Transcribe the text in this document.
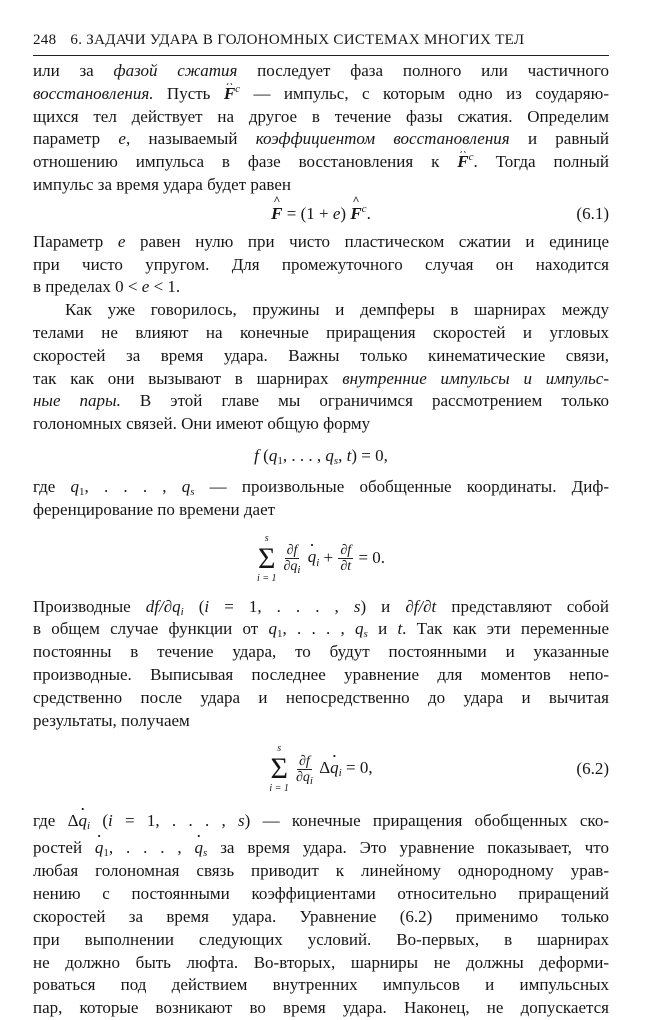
248 6. ЗАДАЧИ УДАРА В ГОЛОНОМНЫХ СИСТЕМАХ МНОГИХ ТЕЛ
или за фазой сжатия последует фаза полного или частичного
восстановления. Пусть ^ $F^c$ — импульс, с которым одно из соударяю-
щихся тел действует на другое в течение фазы сжатия. Определим
параметр e, называемый коэффициентом восстановления и равный
отношению импульса в фазе восстановления к ^ $F^c$. Тогда полный
импульс за время удара будет равен
^ F = (1 + e) ^ $F^c$.	(6.1)
Параметр e равен нулю при чисто пластическом сжатии и единице
при чисто упругом. Для промежуточного случая он находится
в пределах 0 < e < 1.
Как уже говорилось, пружины и демпферы в шарнирах между
телами не влияют на конечные приращения скоростей и угловых
скоростей за время удара. Важны только кинематические связи,
так как они вызывают в шарнирах внутренние импульсы и импульс-
ные пары. В этой главе мы ограничимся рассмотрением только
голономных связей. Они имеют общую форму
f ($q_1$, . . . , $q_s$, t) = 0,
где $q_1$, . . . , $q_s$ — произвольные обобщенные координаты. Диф-
ференцирование по времени дает
s
Σ
i = 1
$\frac{\partial f}{\partial q_i} \cdot q_i + \frac{\partial f}{\partial t} = 0$.
Производные $df/\partial q_i$ (i = 1, . . . , s) и ∂f/∂t представляют собой
в общем случае функции от $q_1$, . . . , $q_s$ и t. Так как эти переменные
постоянны в течение удара, то будут постоянными и указанные
производные. Выписывая последнее уравнение для моментов непо-
средственно после удара и непосредственно до удара и вычитая
результаты, получаем
s
Σ
i = 1
$\frac{\partial f}{\partial q_i} \Delta\cdot q_i = 0$,	(6.2)
где $\Delta\cdot q_i$ (i = 1, . . . , s) — конечные приращения обобщенных ско-
ростей · $q_1$, . . . , · $q_s$ за время удара. Это уравнение показывает, что
любая голономная связь приводит к линейному однородному урав-
нению с постоянными коэффициентами относительно приращений
скоростей за время удара. Уравнение (6.2) применимо только
при выполнении следующих условий. Во-первых, в шарнирах
не должно быть люфта. Во-вторых, шарниры не должны деформи-
роваться под действием внутренних импульсов и импульсных
пар, которые возникают во время удара. Наконец, не допускается
